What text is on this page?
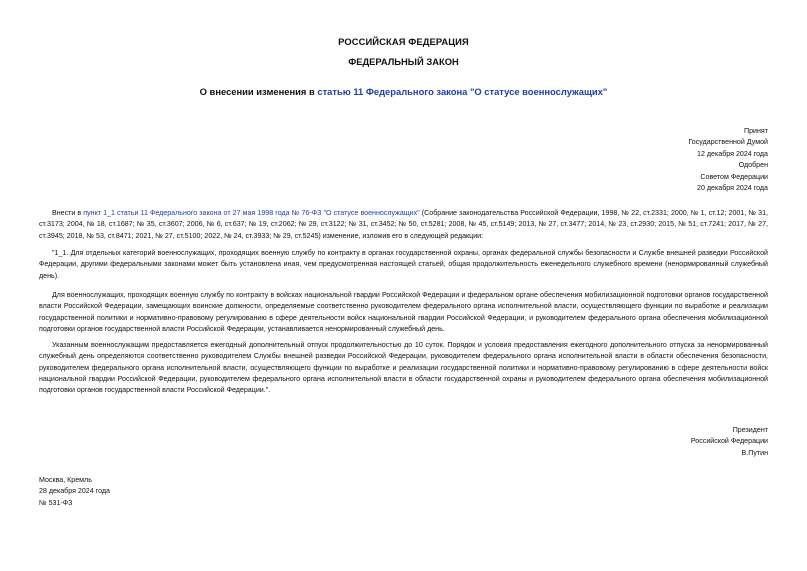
РОССИЙСКАЯ ФЕДЕРАЦИЯ
ФЕДЕРАЛЬНЫЙ ЗАКОН
О внесении изменения в статью 11 Федерального закона "О статусе военнослужащих"
Принят
Государственной Думой
12 декабря 2024 года
Одобрен
Советом Федерации
20 декабря 2024 года
Внести в пункт 1_1 статьи 11 Федерального закона от 27 мая 1998 года № 76-ФЗ "О статусе военнослужащих" (Собрание законодательства Российской Федерации, 1998, № 22, ст.2331; 2000, № 1, ст.12; 2001, № 31, ст.3173; 2004, № 18, ст.1687; № 35, ст.3607; 2006, № 6, ст.637; № 19, ст.2062; № 29, ст.3122; № 31, ст.3452; № 50, ст.5281; 2008, № 45, ст.5149; 2013, № 27, ст.3477; 2014, № 23, ст.2930; 2015, № 51, ст.7241; 2017, № 27, ст.3945; 2018, № 53, ст.8471; 2021, № 27, ст.5100; 2022, № 24, ст.3933; № 29, ст.5245) изменение, изложив его в следующей редакции:
"1_1. Для отдельных категорий военнослужащих, проходящих военную службу по контракту в органах государственной охраны, органах федеральной службы безопасности и Службе внешней разведки Российской Федерации, другими федеральными законами может быть установлена иная, чем предусмотренная настоящей статьей, общая продолжительность еженедельного служебного времени (ненормированный служебный день).
Для военнослужащих, проходящих военную службу по контракту в войсках национальной гвардии Российской Федерации и федеральном органе обеспечения мобилизационной подготовки органов государственной власти Российской Федерации, замещающих воинские должности, определяемые соответственно руководителем федерального органа исполнительной власти, осуществляющего функции по выработке и реализации государственной политики и нормативно-правовому регулированию в сфере деятельности войск национальной гвардии Российской Федерации, и руководителем федерального органа обеспечения мобилизационной подготовки органов государственной власти Российской Федерации, устанавливается ненормированный служебный день.
Указанным военнослужащим предоставляется ежегодный дополнительный отпуск продолжительностью до 10 суток. Порядок и условия предоставления ежегодного дополнительного отпуска за ненормированный служебный день определяются соответственно руководителем Службы внешней разведки Российской Федерации, руководителем федерального органа исполнительной власти в области обеспечения безопасности, руководителем федерального органа исполнительной власти, осуществляющего функции по выработке и реализации государственной политики и нормативно-правовому регулированию в сфере деятельности войск национальной гвардии Российской Федерации, руководителем федерального органа исполнительной власти в области государственной охраны и руководителем федерального органа обеспечения мобилизационной подготовки органов государственной власти Российской Федерации.".
Президент
Российской Федерации
В.Путин
Москва, Кремль
28 декабря 2024 года
№ 531-ФЗ
